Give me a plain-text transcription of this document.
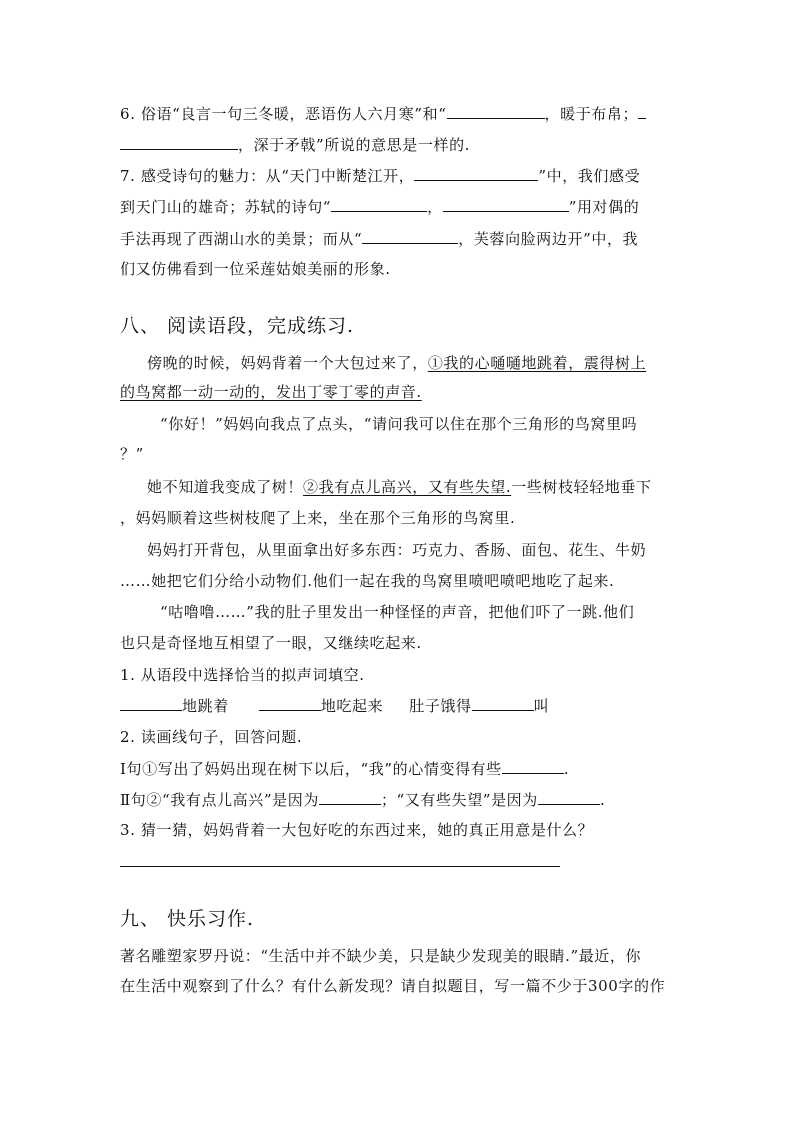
6. 俗语“良言一句三冬暖，恶语伤人六月寒”和“	，暖于布帛；
，深于矛戟”所说的意思是一样的.
7. 感受诗句的魅力：从“天门中断楚江开，	”中，我们感受
到天门山的雄奇；苏轼的诗句“	，	”用对偶的
手法再现了西湖山水的美景；而从“	，芙蓉向脸两边开”中，我
们又仿佛看到一位采莲姑娘美丽的形象.
八、 阅读语段，完成练习.
傍晚的时候，妈妈背着一个大包过来了，①我的心嗵嗵地跳着，震得树上
的鸟窝都一动一动的，发出丁零丁零的声音.
“你好！”妈妈向我点了点头，“请问我可以住在那个三角形的鸟窝里吗
？”
她不知道我变成了树！②我有点儿高兴，又有些失望.一些树枝轻轻地垂下
，妈妈顺着这些树枝爬了上来，坐在那个三角形的鸟窝里.
妈妈打开背包，从里面拿出好多东西：巧克力、香肠、面包、花生、牛奶
……她把它们分给小动物们.他们一起在我的鸟窝里喷吧喷吧地吃了起来.
“咕噜噜……”我的肚子里发出一种怪怪的声音，把他们吓了一跳.他们
也只是奇怪地互相望了一眼，又继续吃起来.
1. 从语段中选择恰当的拟声词填空.
地跳着	地吃起来 肚子饿得	叫
2. 读画线句子，回答问题.
Ⅰ句①写出了妈妈出现在树下以后，“我”的心情变得有些	.
Ⅱ句②“我有点儿高兴”是因为	；“又有些失望”是因为	.
3. 猜一猜，妈妈背着一大包好吃的东西过来，她的真正用意是什么？
九、 快乐习作.
著名雕塑家罗丹说：“生活中并不缺少美，只是缺少发现美的眼睛.”最近，你
在生活中观察到了什么？有什么新发现？请自拟题目，写一篇不少于300字的作
